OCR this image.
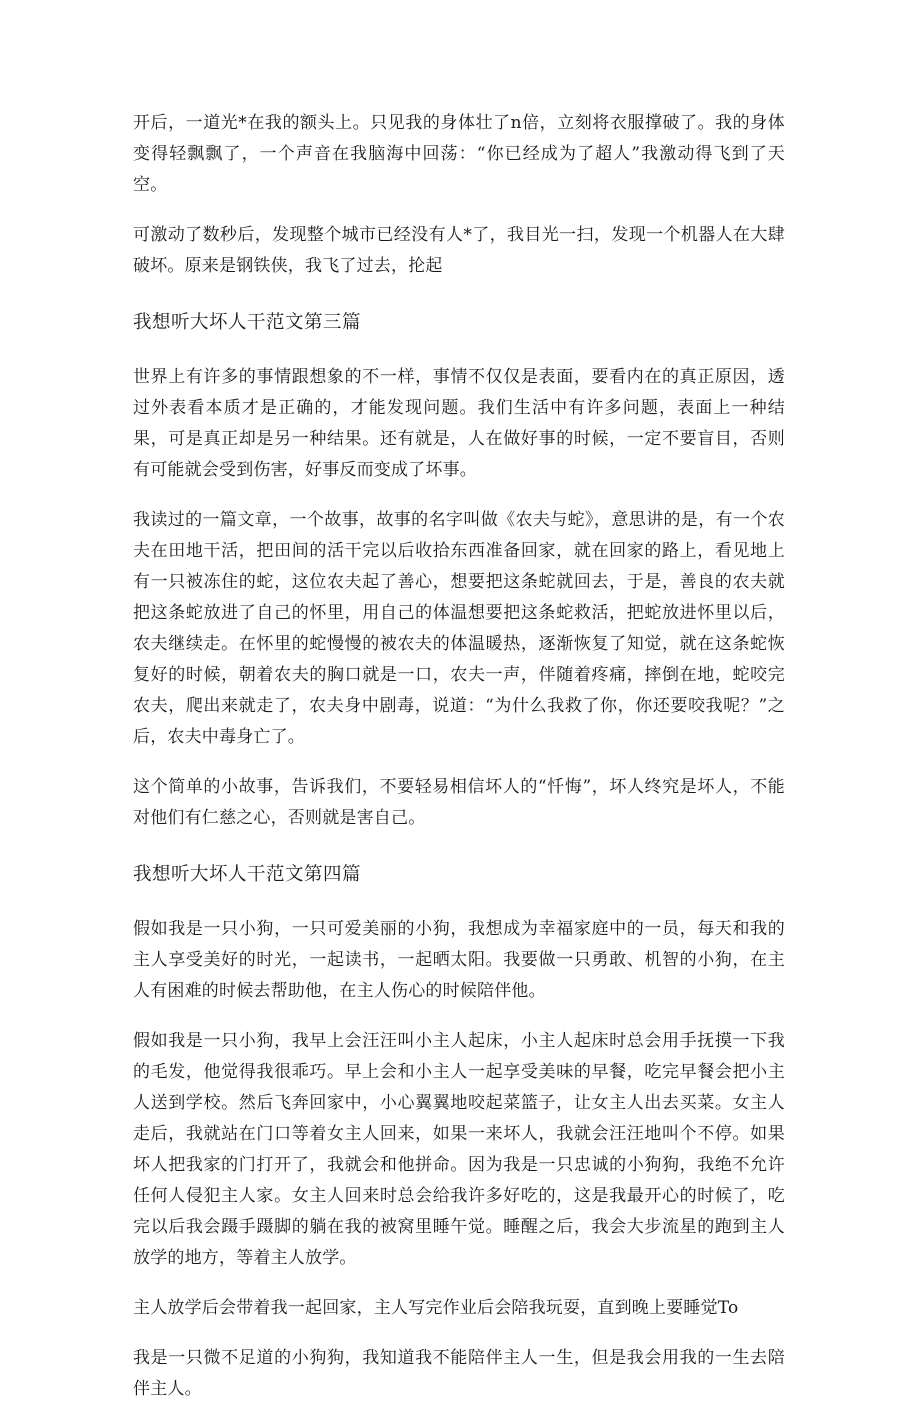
开后，一道光*在我的额头上。只见我的身体壮了n倍，立刻将衣服撑破了。我的身体变得轻飘飘了，一个声音在我脑海中回荡：“你已经成为了超人”我激动得飞到了天空。

可激动了数秒后，发现整个城市已经没有人*了，我目光一扫，发现一个机器人在大肆破坏。原来是钢铁侠，我飞了过去，抡起

我想听大坏人干范文第三篇

世界上有许多的事情跟想象的不一样，事情不仅仅是表面，要看内在的真正原因，透过外表看本质才是正确的，才能发现问题。我们生活中有许多问题，表面上一种结果，可是真正却是另一种结果。还有就是，人在做好事的时候，一定不要盲目，否则有可能就会受到伤害，好事反而变成了坏事。

我读过的一篇文章，一个故事，故事的名字叫做《农夫与蛇》，意思讲的是，有一个农夫在田地干活，把田间的活干完以后收拾东西准备回家，就在回家的路上，看见地上有一只被冻住的蛇，这位农夫起了善心，想要把这条蛇就回去，于是，善良的农夫就把这条蛇放进了自己的怀里，用自己的体温想要把这条蛇救活，把蛇放进怀里以后，农夫继续走。在怀里的蛇慢慢的被农夫的体温暖热，逐渐恢复了知觉，就在这条蛇恢复好的时候，朝着农夫的胸口就是一口，农夫一声，伴随着疼痛，摔倒在地，蛇咬完农夫，爬出来就走了，农夫身中剧毒，说道：“为什么我救了你，你还要咬我呢？”之后，农夫中毒身亡了。

这个简单的小故事，告诉我们，不要轻易相信坏人的“忏悔”，坏人终究是坏人，不能对他们有仁慈之心，否则就是害自己。

我想听大坏人干范文第四篇

假如我是一只小狗，一只可爱美丽的小狗，我想成为幸福家庭中的一员，每天和我的主人享受美好的时光，一起读书，一起晒太阳。我要做一只勇敢、机智的小狗，在主人有困难的时候去帮助他，在主人伤心的时候陪伴他。

假如我是一只小狗，我早上会汪汪叫小主人起床，小主人起床时总会用手抚摸一下我的毛发，他觉得我很乖巧。早上会和小主人一起享受美味的早餐，吃完早餐会把小主人送到学校。然后飞奔回家中，小心翼翼地咬起菜篮子，让女主人出去买菜。女主人走后，我就站在门口等着女主人回来，如果一来坏人，我就会汪汪地叫个不停。如果坏人把我家的门打开了，我就会和他拼命。因为我是一只忠诚的小狗狗，我绝不允许任何人侵犯主人家。女主人回来时总会给我许多好吃的，这是我最开心的时候了，吃完以后我会蹑手蹑脚的躺在我的被窝里睡午觉。睡醒之后，我会大步流星的跑到主人放学的地方，等着主人放学。

主人放学后会带着我一起回家，主人写完作业后会陪我玩耍，直到晚上要睡觉To

我是一只微不足道的小狗狗，我知道我不能陪伴主人一生，但是我会用我的一生去陪伴主人。
